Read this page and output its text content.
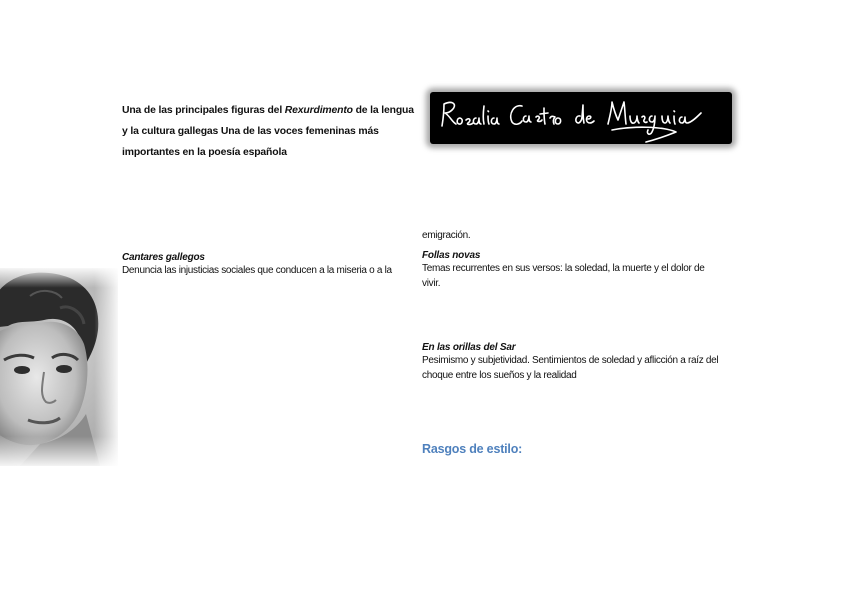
Una de las principales figuras del Rexurdimento de la lengua y la cultura gallegas Una de las voces femeninas más importantes en la poesía española
Cantares gallegos
Denuncia las injusticias sociales que conducen a la miseria o a la
emigración.
Follas novas
Temas recurrentes en sus versos: la soledad, la muerte y el dolor de vivir.
En las orillas del Sar
Pesimismo y subjetividad. Sentimientos de soledad y aflicción a raíz del choque entre los sueños y la realidad
Rasgos de estilo:
